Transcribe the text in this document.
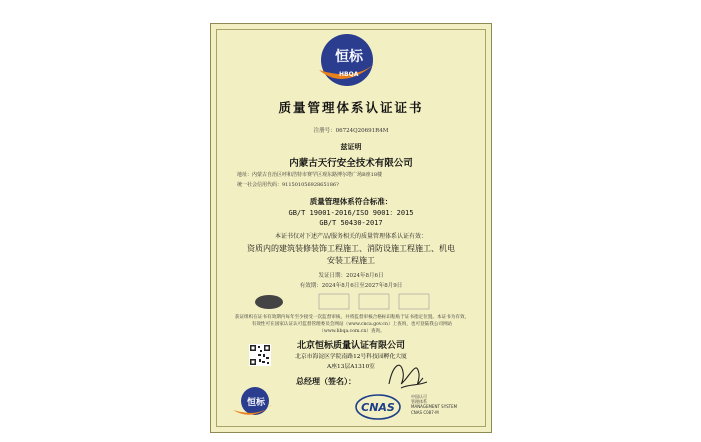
恒标
HBQA
质量管理体系认证证书
注册号：06724Q20691R4M
兹证明
内蒙古天行安全技术有限公司
地址：内蒙古自治区呼和浩特市赛罕区观东路博尔塔广场B座18楼
统一社会信用代码：91150105692865186?
质量管理体系符合标准：
GB/T 19001-2016/ISO 9001：2015
GB/T 50430-2017
本证书仅对下述产品/服务相关的质量管理体系认证有效：
资质内的建筑装修装饰工程施工、消防设施工程施工、机电
安装工程施工
发证日期：2024年8月6日
有效期：2024年8月6日至2027年8月9日
获证组织在证书有效期内每年至少接受一次监督审核，并将监督审核合格标识粘贴于证书指定位置。本证书为有效，有效性可在国家认证认可监督管理委员会网站（www.cnca.gov.cn）上查询，也可登陆我公司网站（www.hbqa.com.cn）查询。
北京恒标质量认证有限公司
北京市海淀区学院南路12号科技园孵化大厦
A座13层A1310室
总经理（签名）：
恒标	CNAS
中国认可
管理体系
MANAGEMENT SYSTEM
CNAS C087-M
